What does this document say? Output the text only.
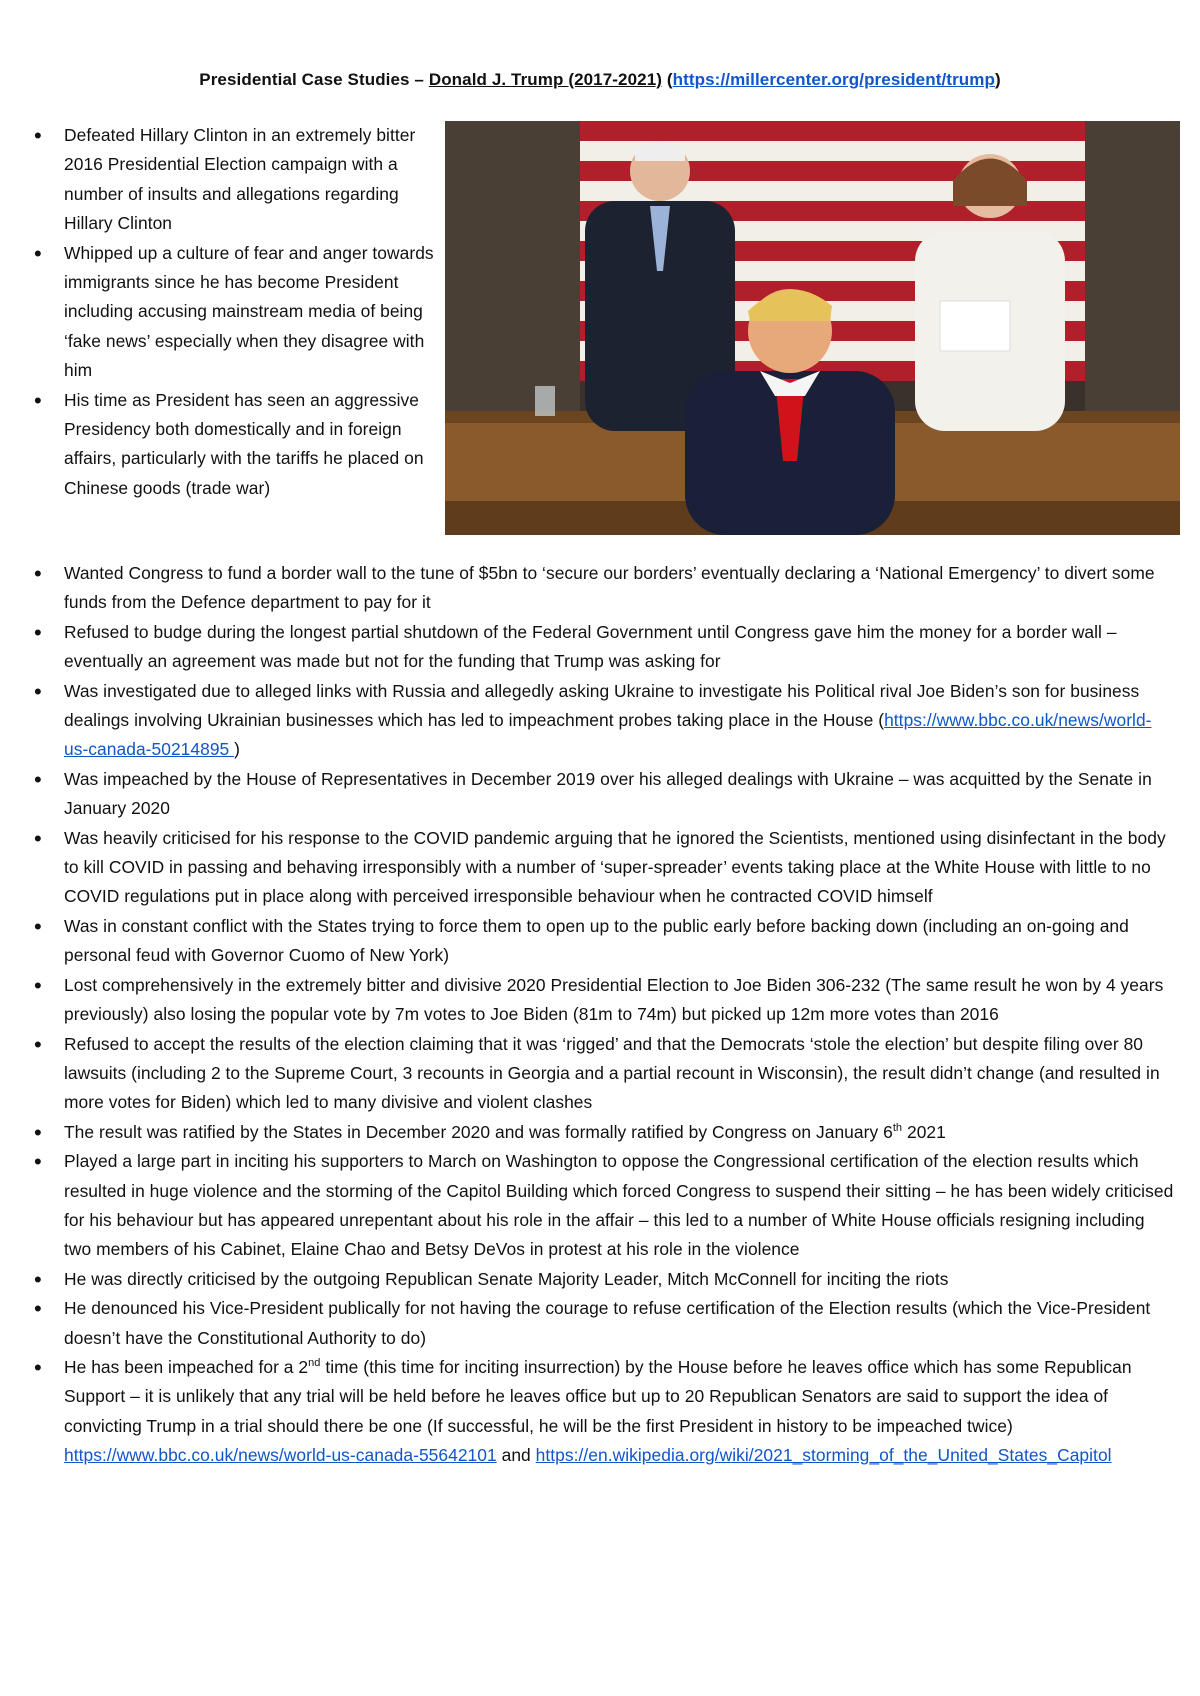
Presidential Case Studies – Donald J. Trump (2017-2021) (https://millercenter.org/president/trump)
• Defeated Hillary Clinton in an extremely bitter 2016 Presidential Election campaign with a number of insults and allegations regarding Hillary Clinton
• Whipped up a culture of fear and anger towards immigrants since he has become President including accusing mainstream media of being ‘fake news’ especially when they disagree with him
• His time as President has seen an aggressive Presidency both domestically and in foreign affairs, particularly with the tariffs he placed on Chinese goods (trade war)
• Wanted Congress to fund a border wall to the tune of $5bn to ‘secure our borders’ eventually declaring a ‘National Emergency’ to divert some funds from the Defence department to pay for it
• Refused to budge during the longest partial shutdown of the Federal Government until Congress gave him the money for a border wall – eventually an agreement was made but not for the funding that Trump was asking for
• Was investigated due to alleged links with Russia and allegedly asking Ukraine to investigate his Political rival Joe Biden’s son for business dealings involving Ukrainian businesses which has led to impeachment probes taking place in the House (https://www.bbc.co.uk/news/world-us-canada-50214895 )
• Was impeached by the House of Representatives in December 2019 over his alleged dealings with Ukraine – was acquitted by the Senate in January 2020
• Was heavily criticised for his response to the COVID pandemic arguing that he ignored the Scientists, mentioned using disinfectant in the body to kill COVID in passing and behaving irresponsibly with a number of ‘super-spreader’ events taking place at the White House with little to no COVID regulations put in place along with perceived irresponsible behaviour when he contracted COVID himself
• Was in constant conflict with the States trying to force them to open up to the public early before backing down (including an on-going and personal feud with Governor Cuomo of New York)
• Lost comprehensively in the extremely bitter and divisive 2020 Presidential Election to Joe Biden 306-232 (The same result he won by 4 years previously) also losing the popular vote by 7m votes to Joe Biden (81m to 74m) but picked up 12m more votes than 2016
• Refused to accept the results of the election claiming that it was ‘rigged’ and that the Democrats ‘stole the election’ but despite filing over 80 lawsuits (including 2 to the Supreme Court, 3 recounts in Georgia and a partial recount in Wisconsin), the result didn’t change (and resulted in more votes for Biden) which led to many divisive and violent clashes
• The result was ratified by the States in December 2020 and was formally ratified by Congress on January 6th 2021
• Played a large part in inciting his supporters to March on Washington to oppose the Congressional certification of the election results which resulted in huge violence and the storming of the Capitol Building which forced Congress to suspend their sitting – he has been widely criticised for his behaviour but has appeared unrepentant about his role in the affair – this led to a number of White House officials resigning including two members of his Cabinet, Elaine Chao and Betsy DeVos in protest at his role in the violence
• He was directly criticised by the outgoing Republican Senate Majority Leader, Mitch McConnell for inciting the riots
• He denounced his Vice-President publically for not having the courage to refuse certification of the Election results (which the Vice-President doesn’t have the Constitutional Authority to do)
• He has been impeached for a 2nd time (this time for inciting insurrection) by the House before he leaves office which has some Republican Support – it is unlikely that any trial will be held before he leaves office but up to 20 Republican Senators are said to support the idea of convicting Trump in a trial should there be one (If successful, he will be the first President in history to be impeached twice) https://www.bbc.co.uk/news/world-us-canada-55642101 and https://en.wikipedia.org/wiki/2021_storming_of_the_United_States_Capitol
